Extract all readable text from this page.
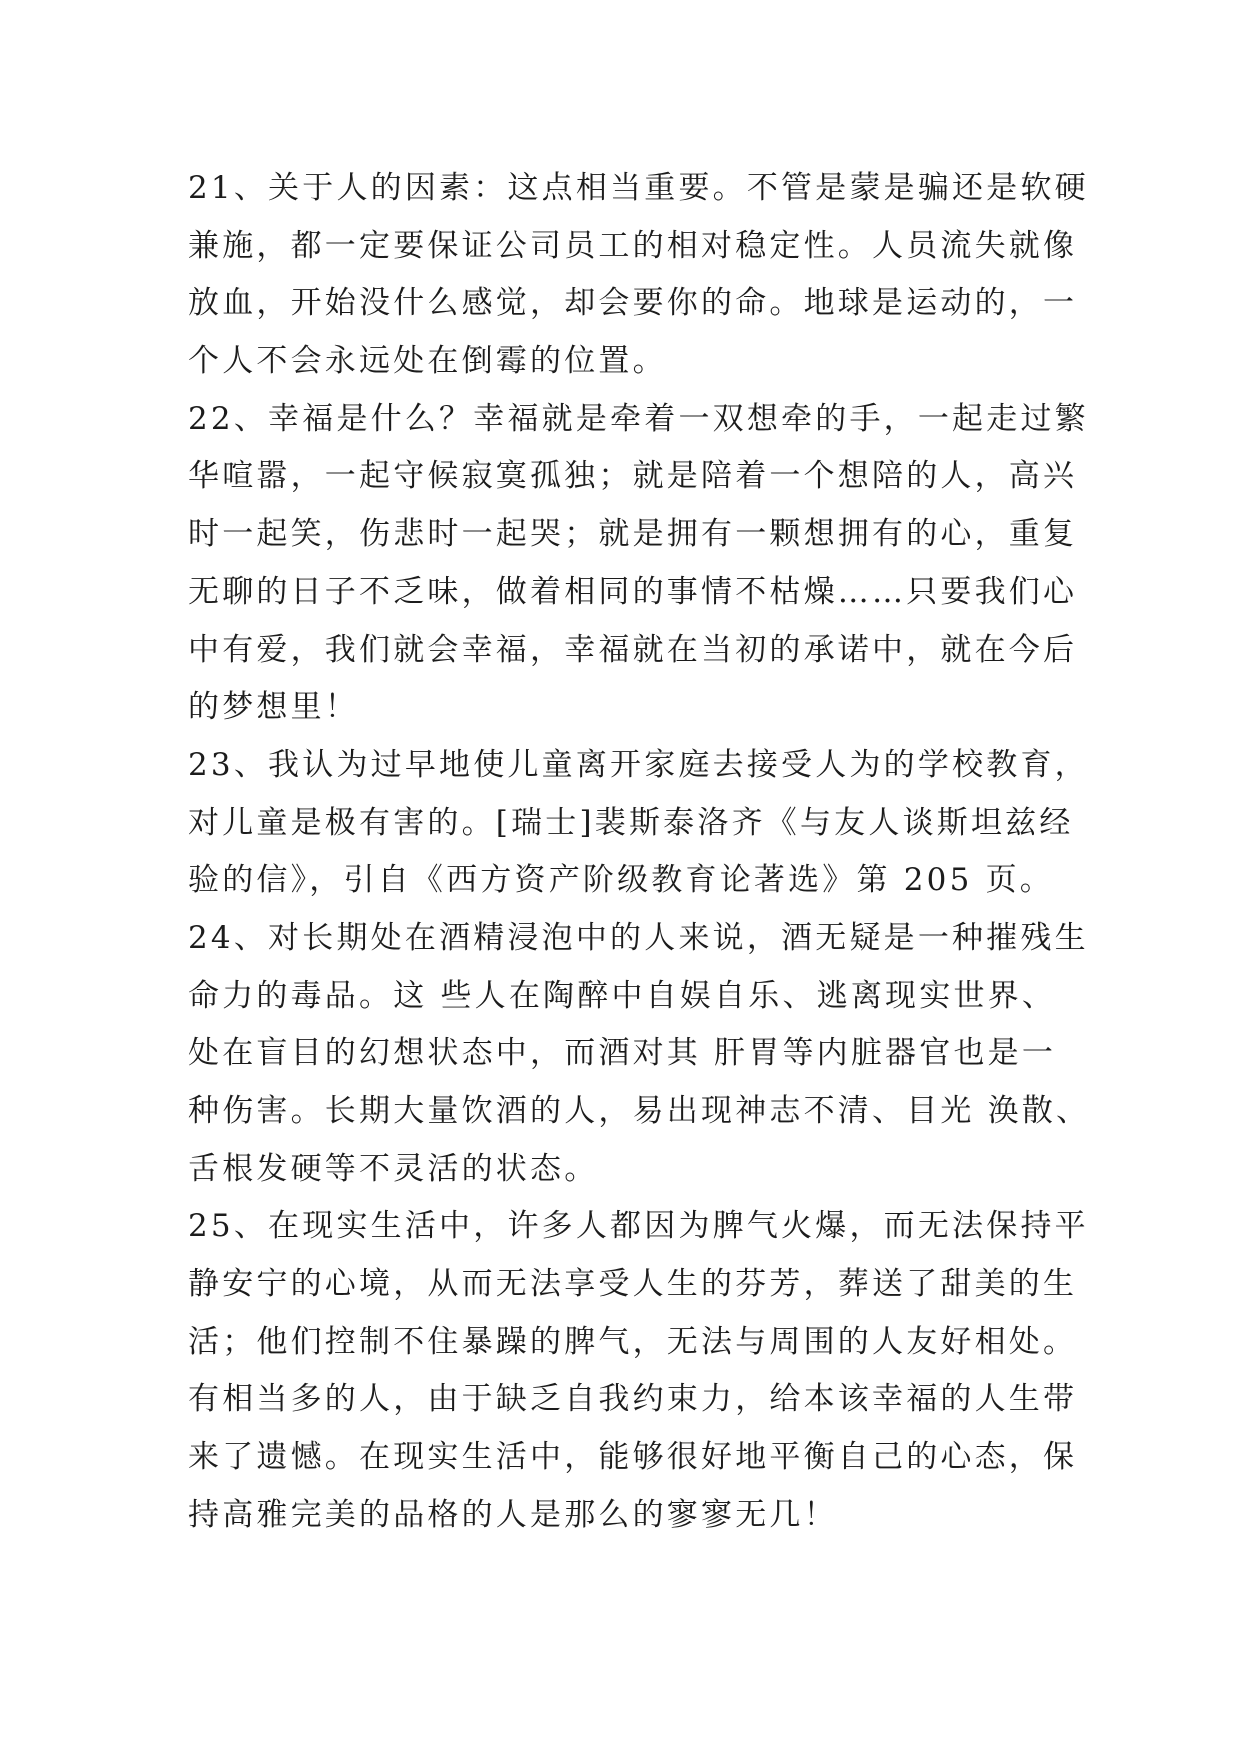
21、关于人的因素：这点相当重要。不管是蒙是骗还是软硬
兼施，都一定要保证公司员工的相对稳定性。人员流失就像
放血，开始没什么感觉，却会要你的命。地球是运动的，一
个人不会永远处在倒霉的位置。
22、幸福是什么？幸福就是牵着一双想牵的手，一起走过繁
华喧嚣，一起守候寂寞孤独；就是陪着一个想陪的人，高兴
时一起笑，伤悲时一起哭；就是拥有一颗想拥有的心，重复
无聊的日子不乏味，做着相同的事情不枯燥……只要我们心
中有爱，我们就会幸福，幸福就在当初的承诺中，就在今后
的梦想里！
23、我认为过早地使儿童离开家庭去接受人为的学校教育，
对儿童是极有害的。[瑞士]裴斯泰洛齐《与友人谈斯坦兹经
验的信》，引自《西方资产阶级教育论著选》第 205 页。
24、对长期处在酒精浸泡中的人来说，酒无疑是一种摧残生
命力的毒品。这 些人在陶醉中自娱自乐、逃离现实世界、
处在盲目的幻想状态中，而酒对其 肝胃等内脏器官也是一
种伤害。长期大量饮酒的人，易出现神志不清、目光 涣散、
舌根发硬等不灵活的状态。
25、在现实生活中，许多人都因为脾气火爆，而无法保持平
静安宁的心境，从而无法享受人生的芬芳，葬送了甜美的生
活；他们控制不住暴躁的脾气，无法与周围的人友好相处。
有相当多的人，由于缺乏自我约束力，给本该幸福的人生带
来了遗憾。在现实生活中，能够很好地平衡自己的心态，保
持高雅完美的品格的人是那么的寥寥无几！
